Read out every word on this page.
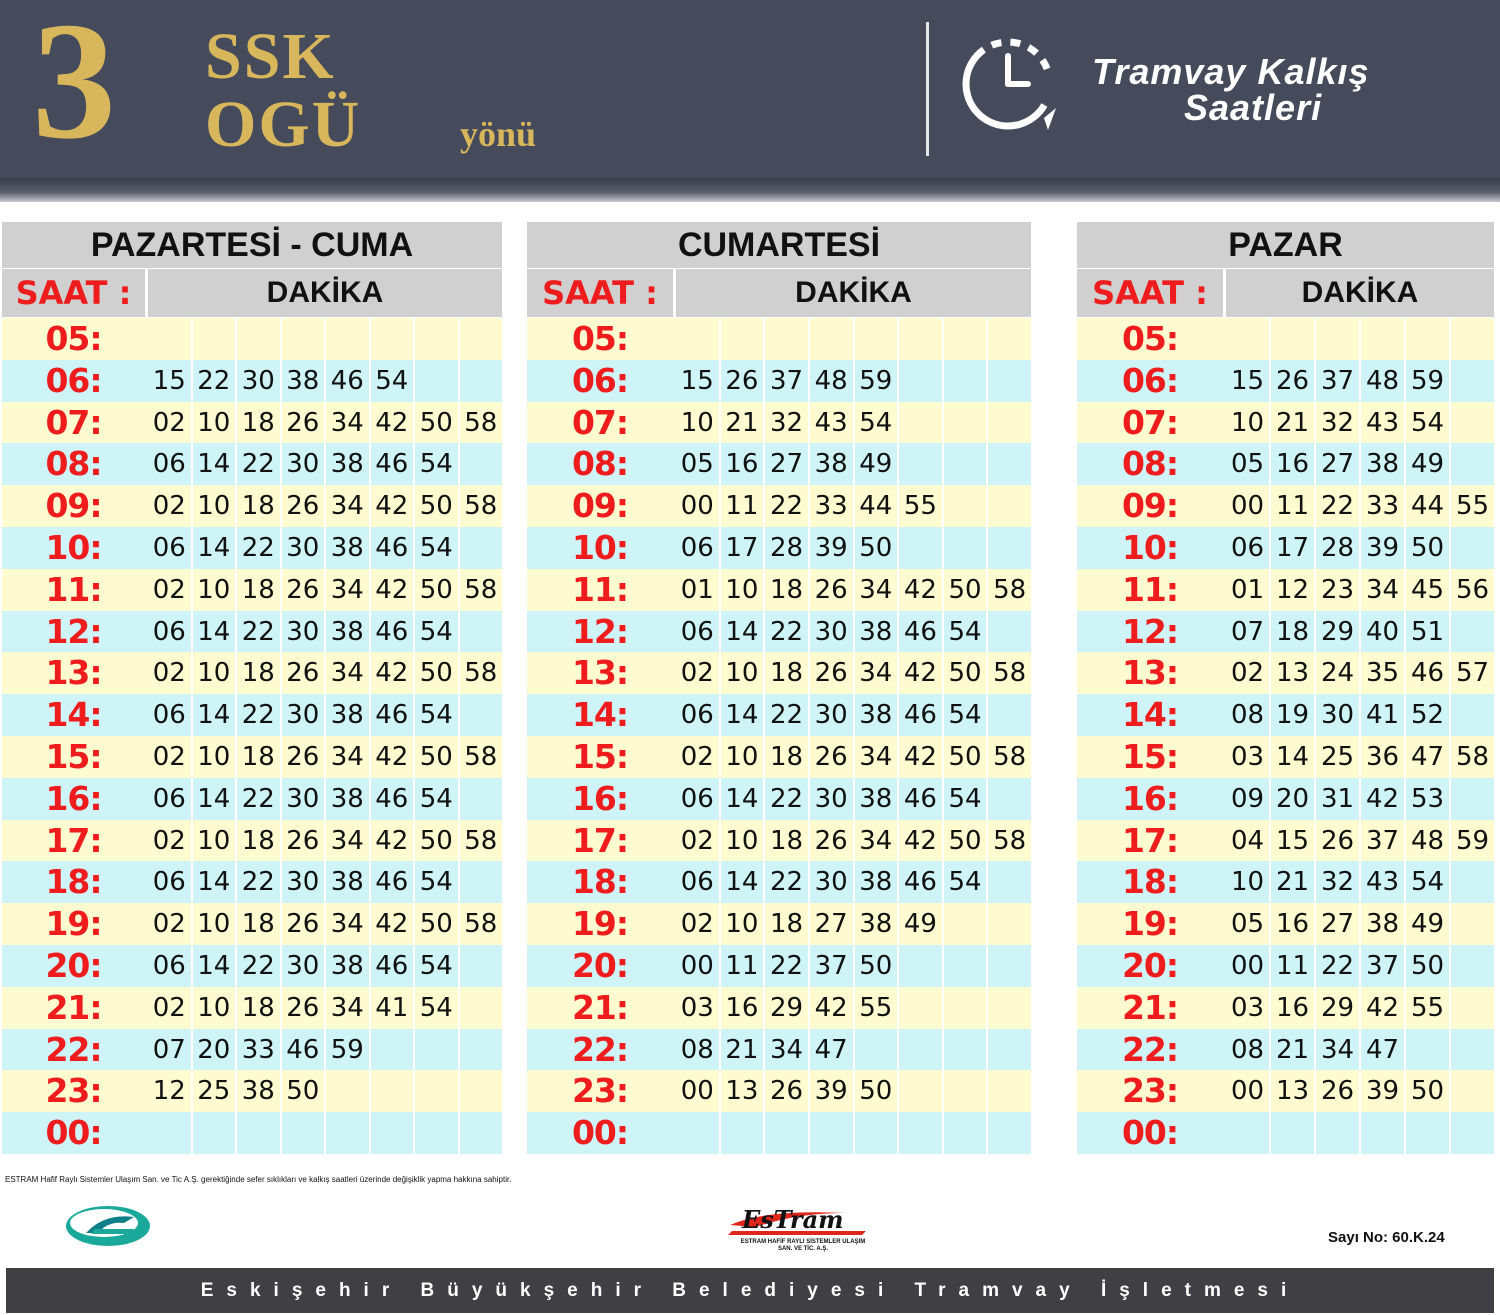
3 SSK
OGÜ	yönü
Tramvay Kalkış
Saatleri
PAZARTESİ - CUMA
SAAT :	DAKİKA
05:
06:	15 22 30 38 46 54
07:	02 10 18 26 34 42 50 58
08:	06 14 22 30 38 46 54
09:	02 10 18 26 34 42 50 58
10:	06 14 22 30 38 46 54
11:	02 10 18 26 34 42 50 58
12:	06 14 22 30 38 46 54
13:	02 10 18 26 34 42 50 58
14:	06 14 22 30 38 46 54
15:	02 10 18 26 34 42 50 58
16:	06 14 22 30 38 46 54
17:	02 10 18 26 34 42 50 58
18:	06 14 22 30 38 46 54
19:	02 10 18 26 34 42 50 58
20:	06 14 22 30 38 46 54
21:	02 10 18 26 34 41 54
22:	07 20 33 46 59
23:	12 25 38 50
00:
CUMARTESİ
SAAT :	DAKİKA
05:
06:	15 26 37 48 59
07:	10 21 32 43 54
08:	05 16 27 38 49
09:	00 11 22 33 44 55
10:	06 17 28 39 50
11:	01 10 18 26 34 42 50 58
12:	06 14 22 30 38 46 54
13:	02 10 18 26 34 42 50 58
14:	06 14 22 30 38 46 54
15:	02 10 18 26 34 42 50 58
16:	06 14 22 30 38 46 54
17:	02 10 18 26 34 42 50 58
18:	06 14 22 30 38 46 54
19:	02 10 18 27 38 49
20:	00 11 22 37 50
21:	03 16 29 42 55
22:	08 21 34 47
23:	00 13 26 39 50
00:
PAZAR
SAAT :	DAKİKA
05:
06:	15 26 37 48 59
07:	10 21 32 43 54
08:	05 16 27 38 49
09:	00 11 22 33 44 55
10:	06 17 28 39 50
11:	01 12 23 34 45 56
12:	07 18 29 40 51
13:	02 13 24 35 46 57
14:	08 19 30 41 52
15:	03 14 25 36 47 58
16:	09 20 31 42 53
17:	04 15 26 37 48 59
18:	10 21 32 43 54
19:	05 16 27 38 49
20:	00 11 22 37 50
21:	03 16 29 42 55
22:	08 21 34 47
23:	00 13 26 39 50
00:
ESTRAM Hafif Raylı Sistemler Ulaşım San. ve Tic A.Ş. gerektiğinde sefer sıklıkları ve kalkış saatleri üzerinde değişiklik yapma hakkına sahiptir.
EsTram
ESTRAM HAFİF RAYLI SİSTEMLER ULAŞIM
SAN. VE TİC. A.Ş.
Sayı No: 60.K.24
Eskişehir Büyükşehir Belediyesi Tramvay İşletmesi
